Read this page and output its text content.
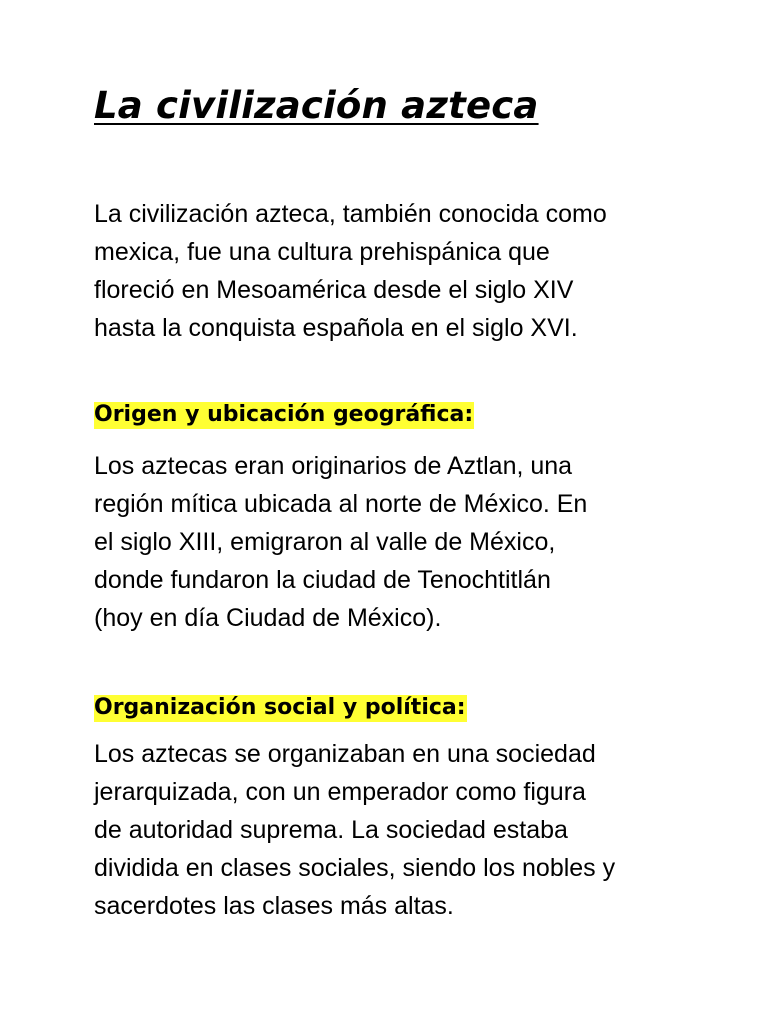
La civilización azteca

La civilización azteca, también conocida como
mexica, fue una cultura prehispánica que
floreció en Mesoamérica desde el siglo XIV
hasta la conquista española en el siglo XVI.

Origen y ubicación geográfica:

Los aztecas eran originarios de Aztlan, una
región mítica ubicada al norte de México. En
el siglo XIII, emigraron al valle de México,
donde fundaron la ciudad de Tenochtitlán
(hoy en día Ciudad de México).

Organización social y política:

Los aztecas se organizaban en una sociedad
jerarquizada, con un emperador como figura
de autoridad suprema. La sociedad estaba
dividida en clases sociales, siendo los nobles y
sacerdotes las clases más altas.
